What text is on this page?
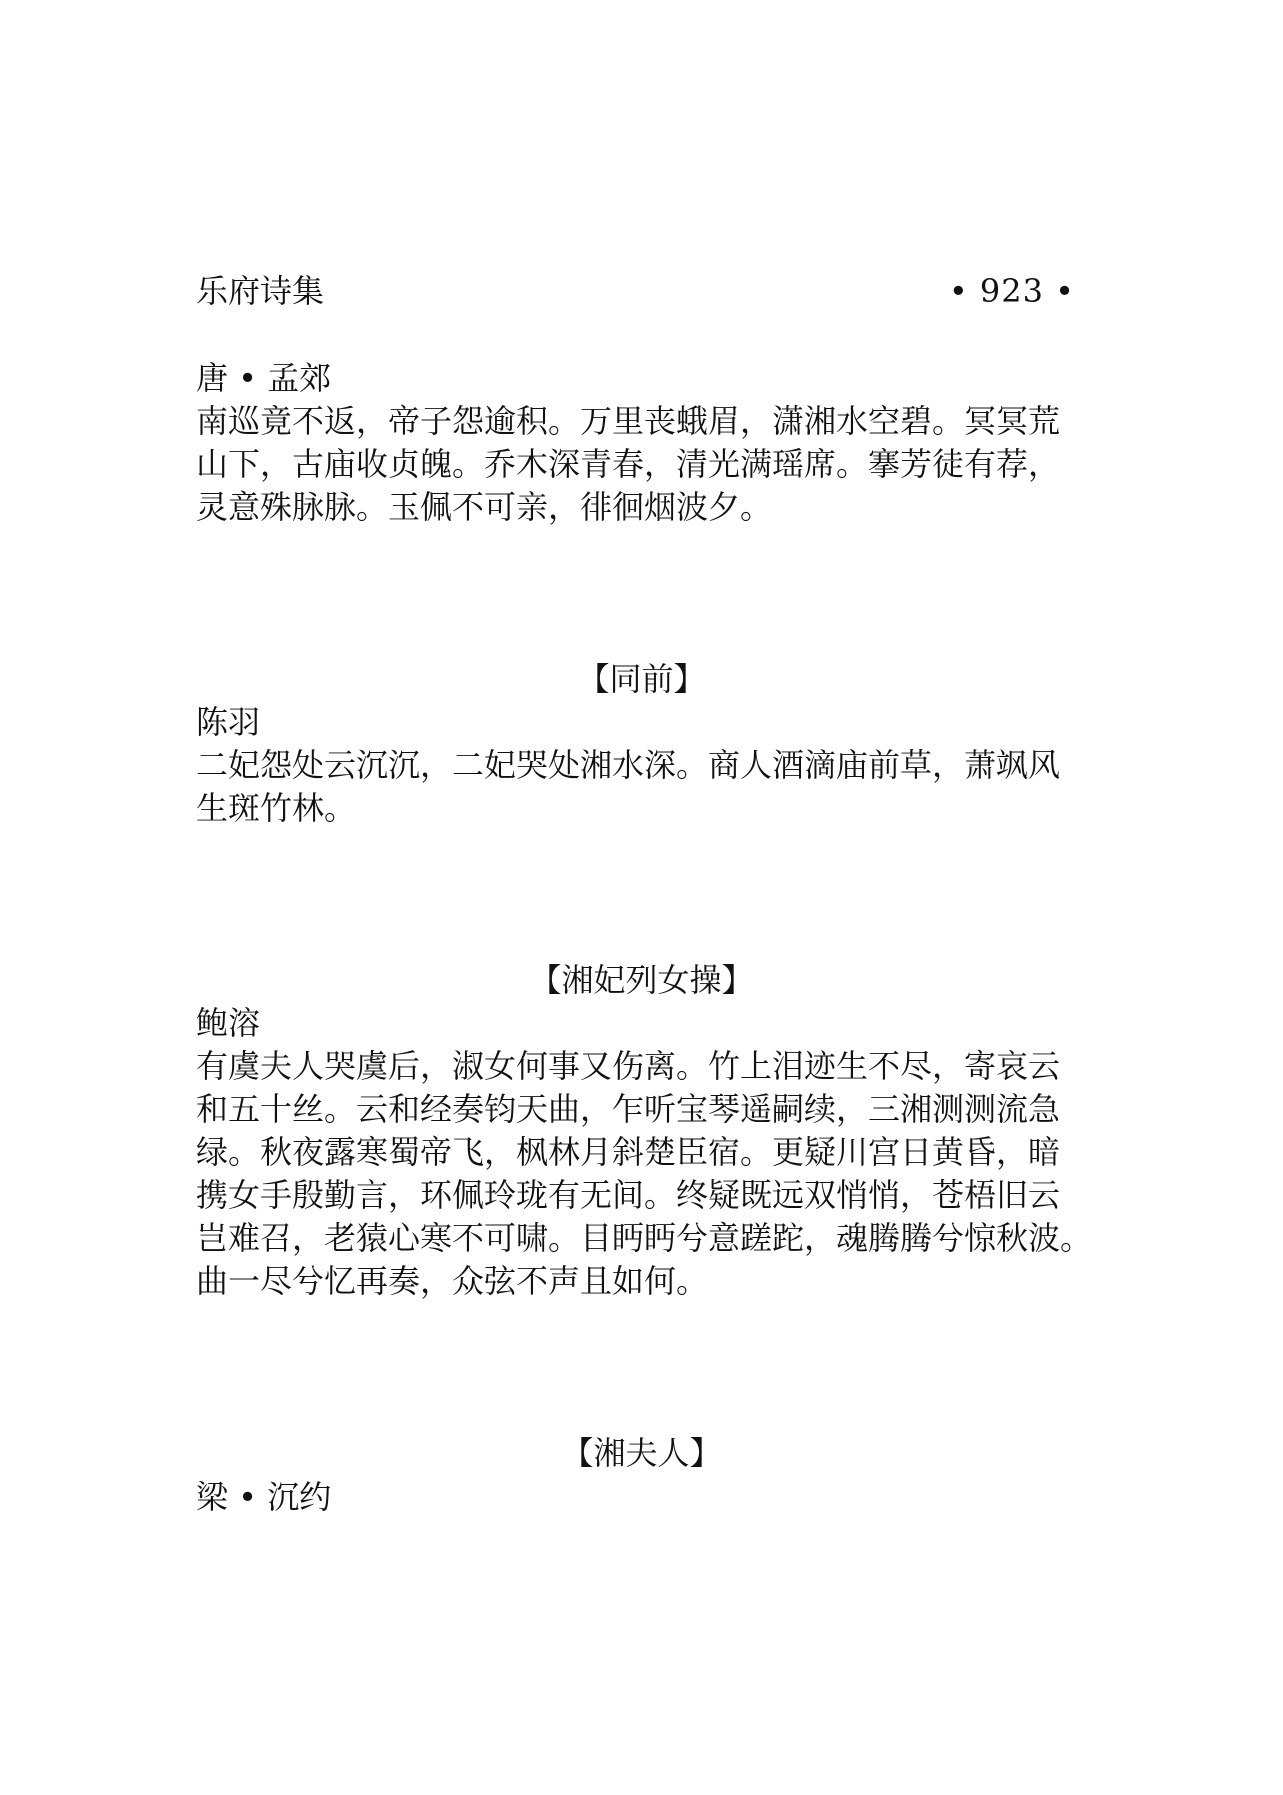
乐府诗集	• 923 •

唐 • 孟郊

南巡竟不返，帝子怨逾积。万里丧蛾眉，潇湘水空碧。冥冥荒
山下，古庙收贞魄。乔木深青春，清光满瑶席。搴芳徒有荐，
灵意殊脉脉。玉佩不可亲，徘徊烟波夕。

【同前】

陈羽

二妃怨处云沉沉，二妃哭处湘水深。商人酒滴庙前草，萧飒风
生斑竹林。

【湘妃列女操】

鲍溶

有虞夫人哭虞后，淑女何事又伤离。竹上泪迹生不尽，寄哀云
和五十丝。云和经奏钧天曲，乍听宝琴遥嗣续，三湘测测流急
绿。秋夜露寒蜀帝飞，枫林月斜楚臣宿。更疑川宫日黄昏，暗
携女手殷勤言，环佩玲珑有无间。终疑既远双悄悄，苍梧旧云
岂难召，老猿心寒不可啸。目眄眄兮意蹉跎，魂腾腾兮惊秋波。
曲一尽兮忆再奏，众弦不声且如何。

【湘夫人】

梁 • 沉约
